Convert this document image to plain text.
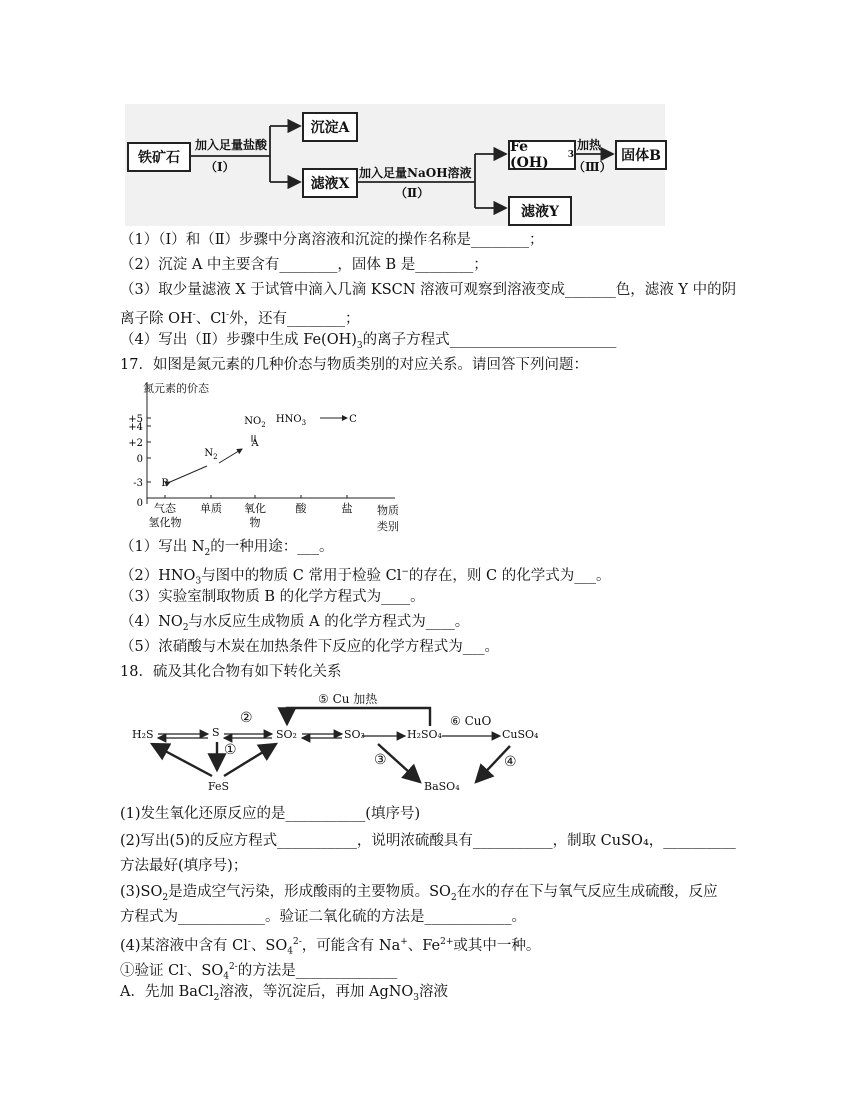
铁矿石
加入足量盐酸
（Ⅰ）
沉淀A
滤液X
加入足量NaOH溶液
（Ⅱ）
Fe (OH)	3
加热
（Ⅲ）
固体B
滤液Y
（1）（Ⅰ）和（Ⅱ）步骤中分离溶液和沉淀的操作名称是________；
（2）沉淀 A 中主要含有________，固体 B 是________；
（3）取少量滤液 X 于试管中滴入几滴 KSCN 溶液可观察到溶液变成_______色，滤液 Y 中的阴
离子除 OH-、Cl-外，还有________；
（4）写出（Ⅱ）步骤中生成 $Fe(OH)_3$的离子方程式_______________________
17．如图是氮元素的几种价态与物质类别的对应关系。请回答下列问题：
+5
+4
+2
0
-3
0 气态
氢化物
单质 氧化
物
酸	盐
B
$N_2$
A
$NO_2$ $HNO_3$	C
氮元素的价态
物质
类别
（1）写出 $N_2$的一种用途：___。
$(2)HNO_3$与图中的物质 C 常用于检验 Cl−的存在，则 C 的化学式为___。
（3）实验室制取物质 B 的化学方程式为____。
$(4)NO_2$与水反应生成物质 A 的化学方程式为____。
（5）浓硝酸与木炭在加热条件下反应的化学方程式为___。
18．硫及其化合物有如下转化关系
H₂S	S	SO₂	SO₃	H₂SO₄	CuSO₄
FeS	BaSO₄
①
②
③	④
⑤ Cu 加热
⑥ CuO
(1)发生氧化还原反应的是___________(填序号)
(2)写出(5)的反应方程式___________，说明浓硫酸具有___________，制取 CuSO₄，__________
方法最好(填序号)；
$(3)SO_2$是造成空气污染，形成酸雨的主要物质。$SO_2$在水的存在下与氧气反应生成硫酸，反应
方程式为____________。验证二氧化硫的方法是____________。
(4)某溶液中含有 Cl-、$SO_4^{2-}$，可能含有 Na+、$Fe^{2+}$或其中一种。
①验证 Cl-、$SO_4^{2-}$的方法是______________
A．先加 BaCl$_2$溶液，等沉淀后，再加 AgNO$_3$溶液
